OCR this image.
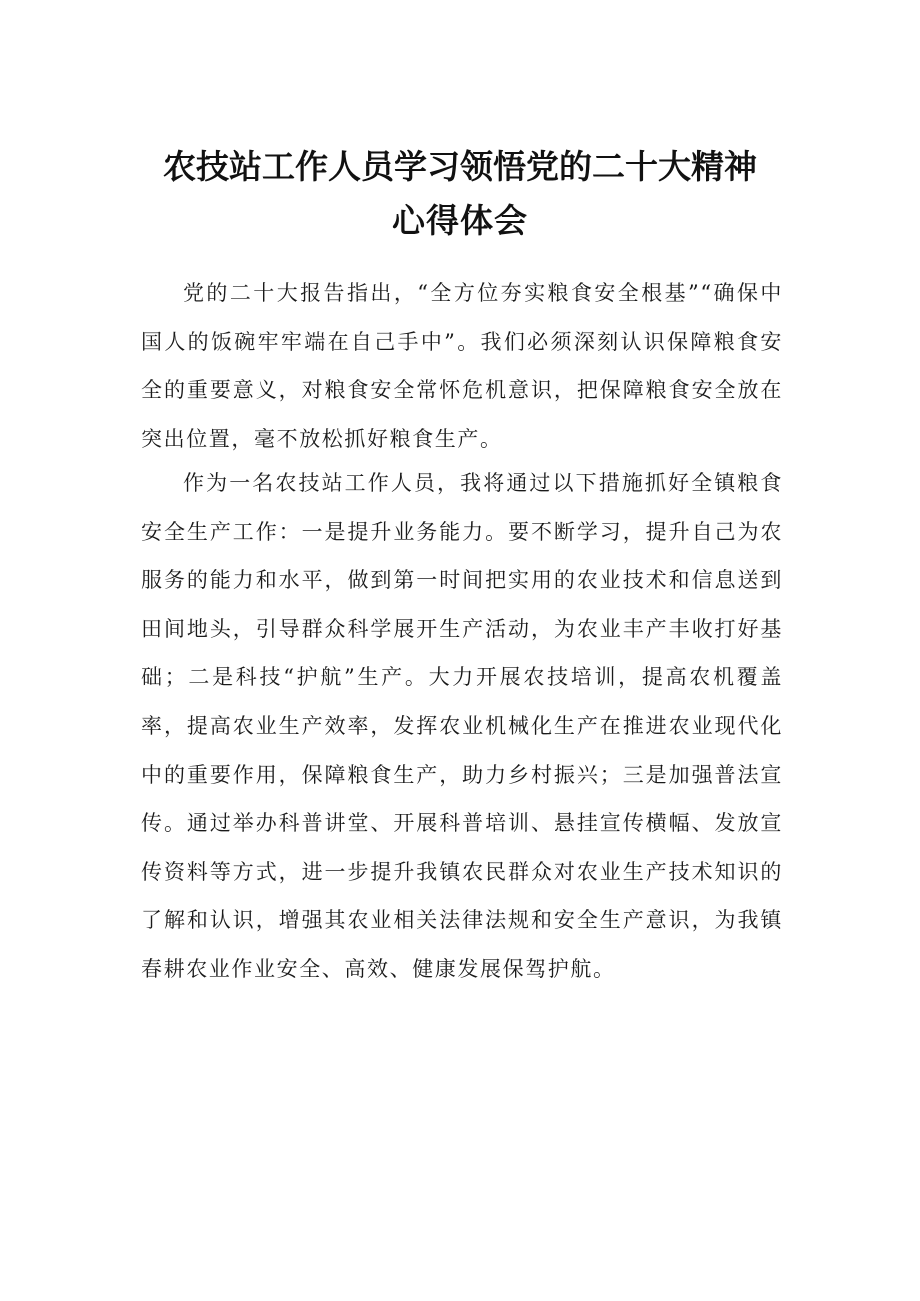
农技站工作人员学习领悟党的二十大精神
心得体会

党的二十大报告指出，“全方位夯实粮食安全根基”“确保中国人的饭碗牢牢端在自己手中”。我们必须深刻认识保障粮食安全的重要意义，对粮食安全常怀危机意识，把保障粮食安全放在突出位置，毫不放松抓好粮食生产。

作为一名农技站工作人员，我将通过以下措施抓好全镇粮食安全生产工作：一是提升业务能力。要不断学习，提升自己为农服务的能力和水平，做到第一时间把实用的农业技术和信息送到田间地头，引导群众科学展开生产活动，为农业丰产丰收打好基础；二是科技“护航”生产。大力开展农技培训，提高农机覆盖率，提高农业生产效率，发挥农业机械化生产在推进农业现代化中的重要作用，保障粮食生产，助力乡村振兴；三是加强普法宣传。通过举办科普讲堂、开展科普培训、悬挂宣传横幅、发放宣传资料等方式，进一步提升我镇农民群众对农业生产技术知识的了解和认识，增强其农业相关法律法规和安全生产意识，为我镇春耕农业作业安全、高效、健康发展保驾护航。
